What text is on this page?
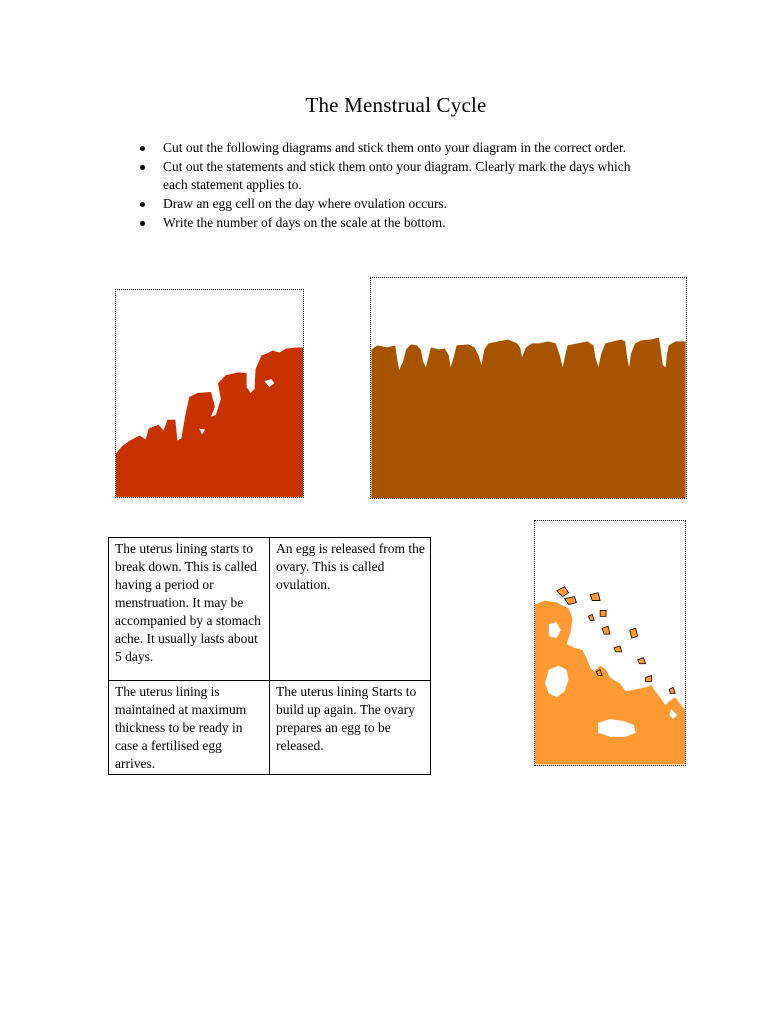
The Menstrual Cycle
Cut out the following diagrams and stick them onto your diagram in the correct order.
Cut out the statements and stick them onto your diagram. Clearly mark the days which each statement applies to.
Draw an egg cell on the day where ovulation occurs.
Write the number of days on the scale at the bottom.
The uterus lining starts to break down. This is called having a period or menstruation. It may be accompanied by a stomach ache. It usually lasts about 5 days.	An egg is released from the ovary. This is called ovulation.
The uterus lining is maintained at maximum thickness to be ready in case a fertilised egg arrives.	The uterus lining Starts to build up again. The ovary prepares an egg to be released.
